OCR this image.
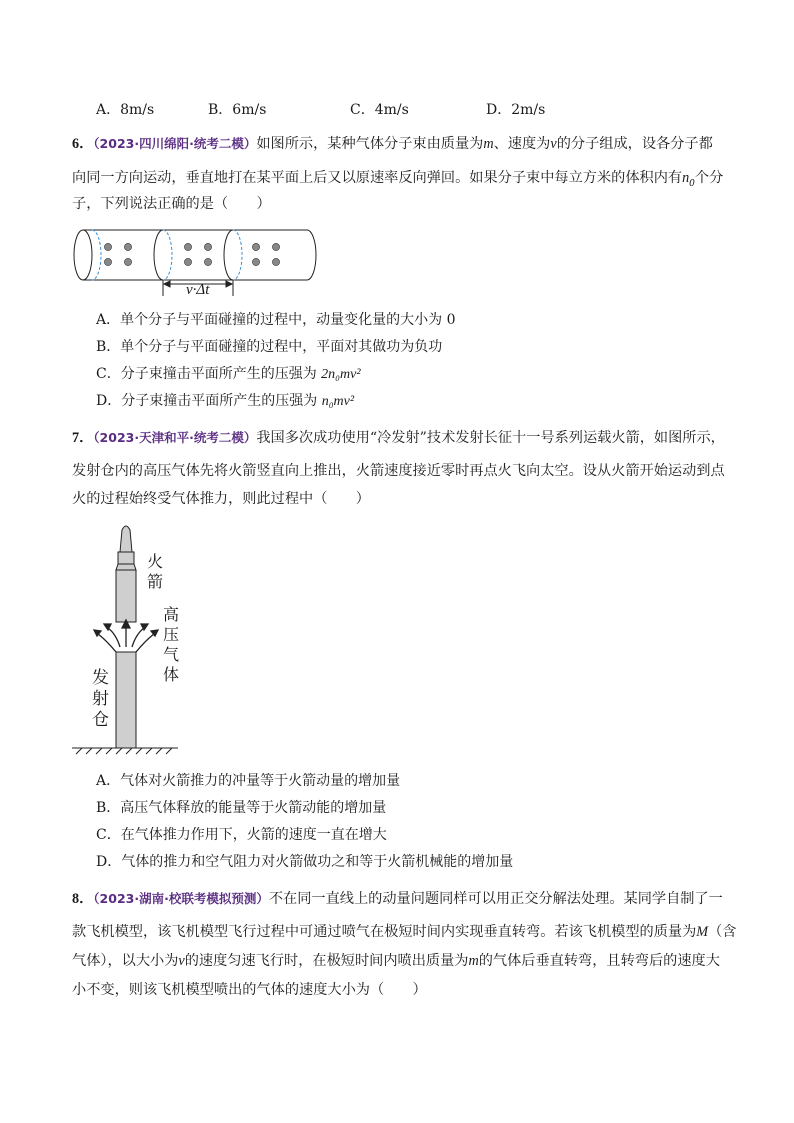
A．8m/s	B．6m/s	C．4m/s	D．2m/s
6．（2023·四川绵阳·统考二模）如图所示，某种气体分子束由质量为m、速度为v的分子组成，设各分子都
向同一方向运动，垂直地打在某平面上后又以原速率反向弹回。如果分子束中每立方米的体积内有$n_0$个分
子，下列说法正确的是（　　）
v·Δt
A．单个分子与平面碰撞的过程中，动量变化量的大小为 0
B．单个分子与平面碰撞的过程中，平面对其做功为负功
C．分子束撞击平面所产生的压强为 2n₀mv²
D．分子束撞击平面所产生的压强为 n₀mv²
7．（2023·天津和平·统考二模）我国多次成功使用“冷发射”技术发射长征十一号系列运载火箭，如图所示，
发射仓内的高压气体先将火箭竖直向上推出，火箭速度接近零时再点火飞向太空。设从火箭开始运动到点
火的过程始终受气体推力，则此过程中（　　）
火
箭
高
压
气
体
发
射
仓
A．气体对火箭推力的冲量等于火箭动量的增加量
B．高压气体释放的能量等于火箭动能的增加量
C．在气体推力作用下，火箭的速度一直在增大
D．气体的推力和空气阻力对火箭做功之和等于火箭机械能的增加量
8．（2023·湖南·校联考模拟预测）不在同一直线上的动量问题同样可以用正交分解法处理。某同学自制了一
款飞机模型，该飞机模型飞行过程中可通过喷气在极短时间内实现垂直转弯。若该飞机模型的质量为M（含
气体），以大小为v的速度匀速飞行时，在极短时间内喷出质量为m的气体后垂直转弯，且转弯后的速度大
小不变，则该飞机模型喷出的气体的速度大小为（　　）
